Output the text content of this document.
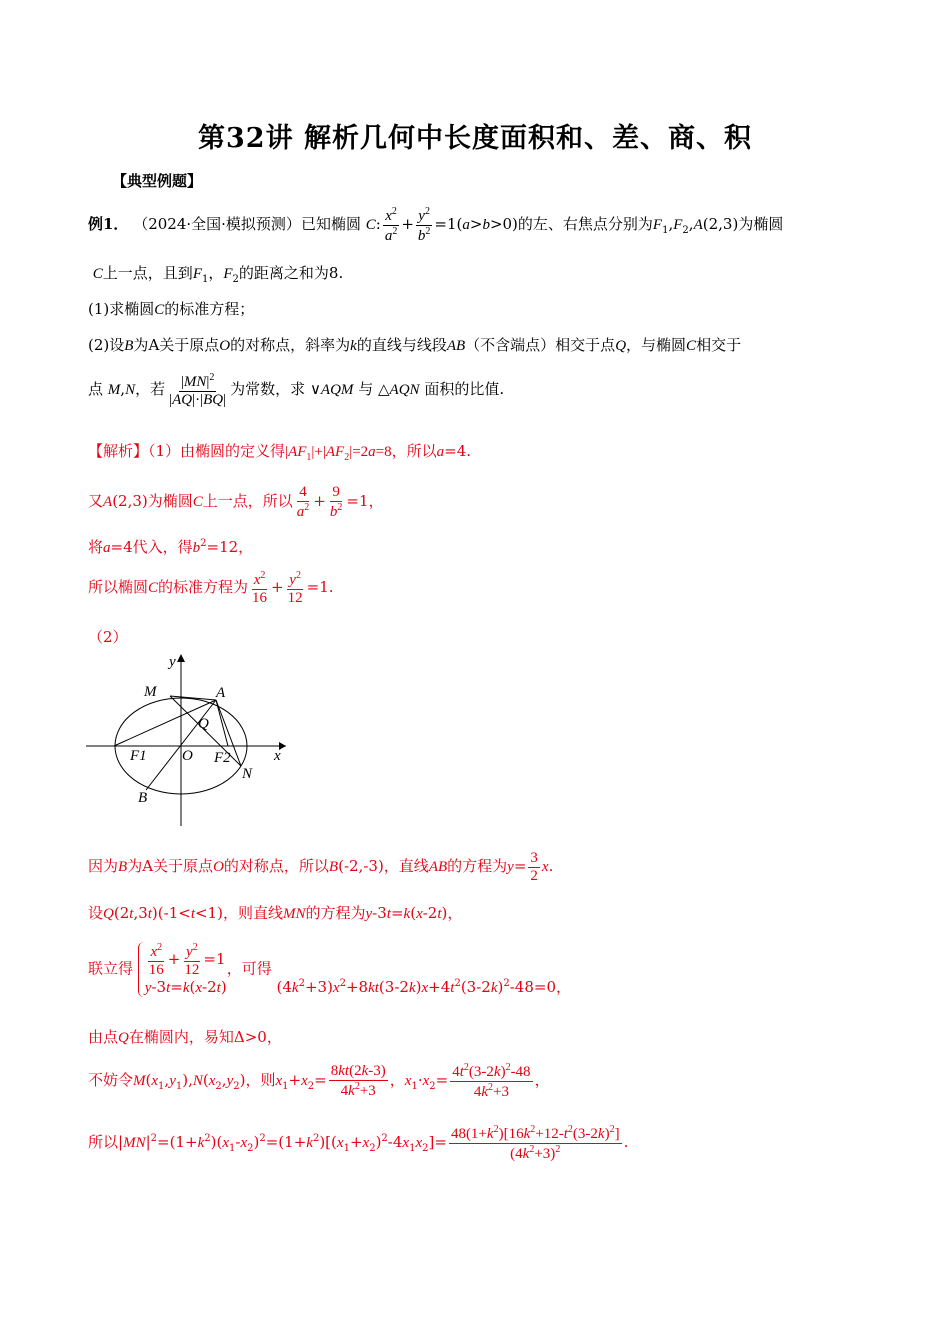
第32讲 解析几何中长度面积和、差、商、积
【典型例题】
例1． （2024·全国·模拟预测）已知椭圆 C: $\frac{x^2}{a^2} + \frac{y^2}{b^2} =1(a>b>0)$的左、右焦点分别为$F_1,F_2,A(2,3)$为椭圆
C上一点，且到$F_1$，$F_2$的距离之和为8.
(1)求椭圆C的标准方程；
(2)设B为A关于原点O的对称点，斜率为k的直线与线段AB（不含端点）相交于点Q，与椭圆C相交于
点 M,N，若 $\frac{|MN|^2}{|AQ|\cdot|BQ|}$ 为常数，求 ∨AQM 与 △AQN 面积的比值.
【解析】（1）由椭圆的定义得$|AF_1|+|AF_2|=2a=8$，所以a=4.
又A(2,3)为椭圆C上一点，所以 $\frac{4}{a^2} + \frac{9}{b^2} =1$，
将a=4代入，得$b^2=12$，
所以椭圆C的标准方程为 $\frac{x^2}{16} + \frac{y^2}{12} =1$.
（2）
y
x
M	A
Q
O
F1	F2
N
B
因为B为A关于原点O的对称点，所以B(-2,-3)，直线AB的方程为$y= \frac{3}{2} x$.
设Q(2t,3t)(-1<t<1)，则直线MN的方程为y-3t=k(x-2t)，
联立得 $\frac{x^2}{16} + \frac{y^2}{12} =1$
y-3t=k(x-2t)
，可得 $(4k^2+3)x^2+8kt(3-2k)x+4t^2(3-2k)^2-48=0$，
由点Q在椭圆内，易知Δ>0，
不妨令$M(x_1,y_1),N(x_2,y_2)$，则$x_1+x_2= \frac{8kt(2k-3)}{4k^2+3}$ ，$x_1\cdot x_2= \frac{4t^2(3-2k)^2-48}{4k^2+3}$ ，
所以$|MN|^2=(1+k^2)(x_1-x_2)^2=(1+k^2)[(x_1+x_2)^2-4x_1x_2]= \frac{48(1+k^2)[16k^2+12-t^2(3-2k)^2]}{(4k^2+3)^2}$ .
